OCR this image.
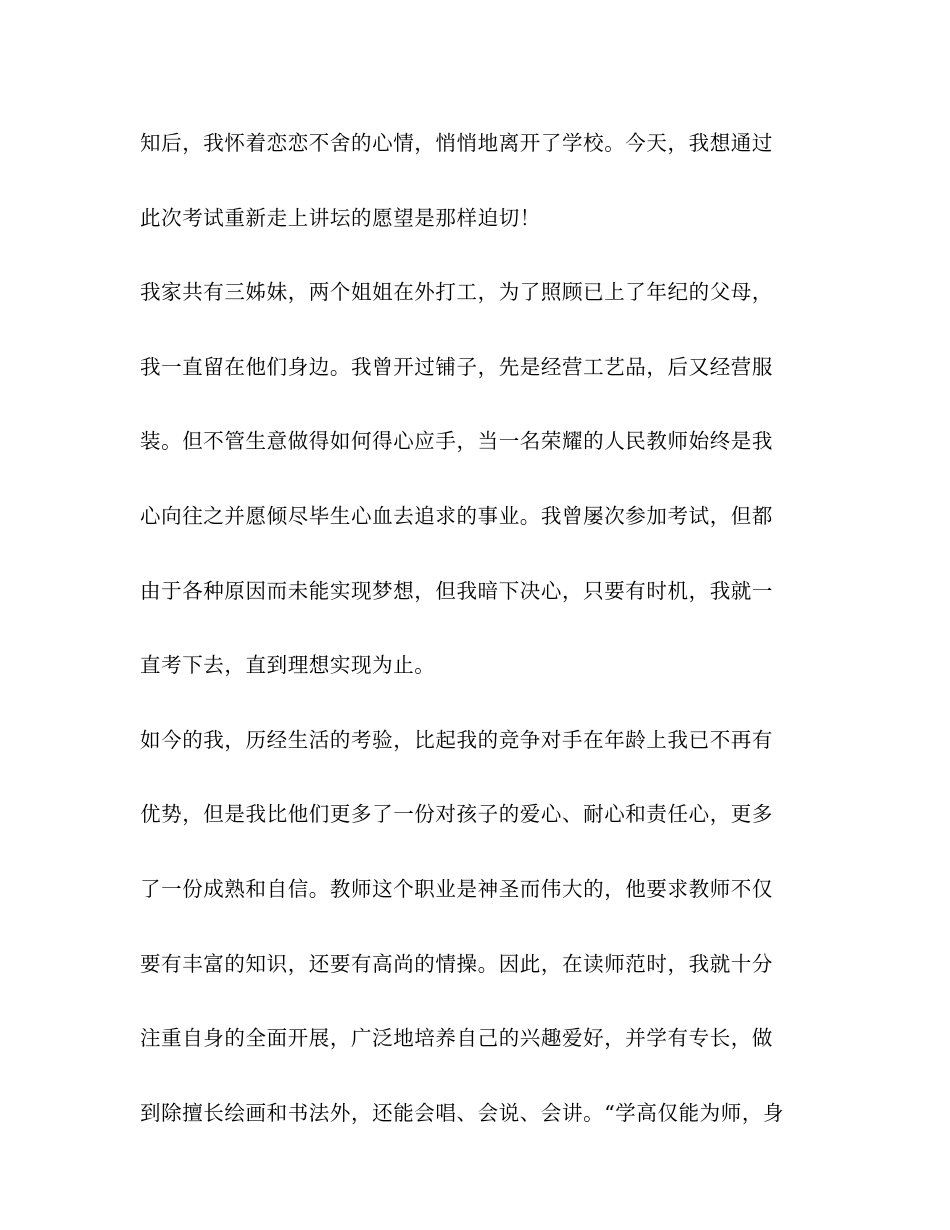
知后，我怀着恋恋不舍的心情，悄悄地离开了学校。今天，我想通过
此次考试重新走上讲坛的愿望是那样迫切！
我家共有三姊妹，两个姐姐在外打工，为了照顾已上了年纪的父母，
我一直留在他们身边。我曾开过铺子，先是经营工艺品，后又经营服
装。但不管生意做得如何得心应手，当一名荣耀的人民教师始终是我
心向往之并愿倾尽毕生心血去追求的事业。我曾屡次参加考试，但都
由于各种原因而未能实现梦想，但我暗下决心，只要有时机，我就一
直考下去，直到理想实现为止。
如今的我，历经生活的考验，比起我的竞争对手在年龄上我已不再有
优势，但是我比他们更多了一份对孩子的爱心、耐心和责任心，更多
了一份成熟和自信。教师这个职业是神圣而伟大的，他要求教师不仅
要有丰富的知识，还要有高尚的情操。因此，在读师范时，我就十分
注重自身的全面开展，广泛地培养自己的兴趣爱好，并学有专长，做
到除擅长绘画和书法外，还能会唱、会说、会讲。“学高仅能为师，身
